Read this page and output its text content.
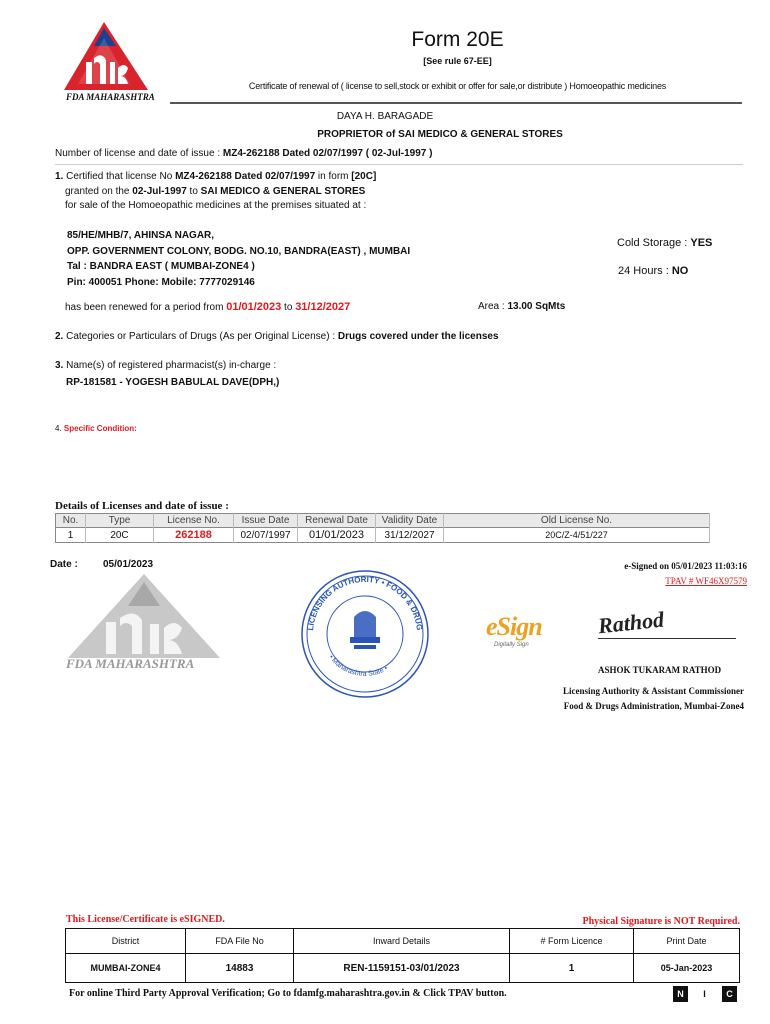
FDA MAHARASHTRA
Form 20E
[See rule 67-EE]
Certificate of renewal of ( license to sell,stock or exhibit or offer for sale,or distribute ) Homoeopathic medicines
DAYA H. BARAGADE
PROPRIETOR of SAI MEDICO & GENERAL STORES
Number of license and date of issue : MZ4-262188 Dated 02/07/1997 ( 02-Jul-1997 )
1. Certified that license No MZ4-262188 Dated 02/07/1997 in form [20C]
granted on the 02-Jul-1997 to SAI MEDICO & GENERAL STORES
for sale of the Homoeopathic medicines at the premises situated at :
85/HE/MHB/7, AHINSA NAGAR,
OPP. GOVERNMENT COLONY, BODG. NO.10, BANDRA(EAST) , MUMBAI
Tal : BANDRA EAST ( MUMBAI-ZONE4 )
Pin: 400051 Phone: Mobile: 7777029146
Cold Storage : YES
24 Hours : NO
has been renewed for a period from 01/01/2023 to 31/12/2027	Area : 13.00 SqMts
2. Categories or Particulars of Drugs (As per Original License) : Drugs covered under the licenses
3. Name(s) of registered pharmacist(s) in-charge :
RP-181581 - YOGESH BABULAL DAVE(DPH,)
4. Specific Condition:
Details of Licenses and date of issue :
No.	Type	License No.	Issue Date	Renewal Date	Validity Date	Old License No.
1	20C	262188	02/07/1997	01/01/2023	31/12/2027	20C/Z-4/51/227
Date :	05/01/2023
FDA MAHARASHTRA
LICENSING AUTHORITY • FOOD & DRUG
• Maharashtra State •
eSign
Digitally Sign
Rathod
e-Signed on 05/01/2023 11:03:16
TPAV # WF46X97579
ASHOK TUKARAM RATHOD
Licensing Authority & Assistant Commissioner
Food & Drugs Administration, Mumbai-Zone4
This License/Certificate is eSIGNED.	Physical Signature is NOT Required.
District	FDA File No	Inward Details	# Form Licence	Print Date
MUMBAI-ZONE4	14883	REN-1159151-03/01/2023	1	05-Jan-2023
For online Third Party Approval Verification; Go to fdamfg.maharashtra.gov.in & Click TPAV button.	N	I	C
